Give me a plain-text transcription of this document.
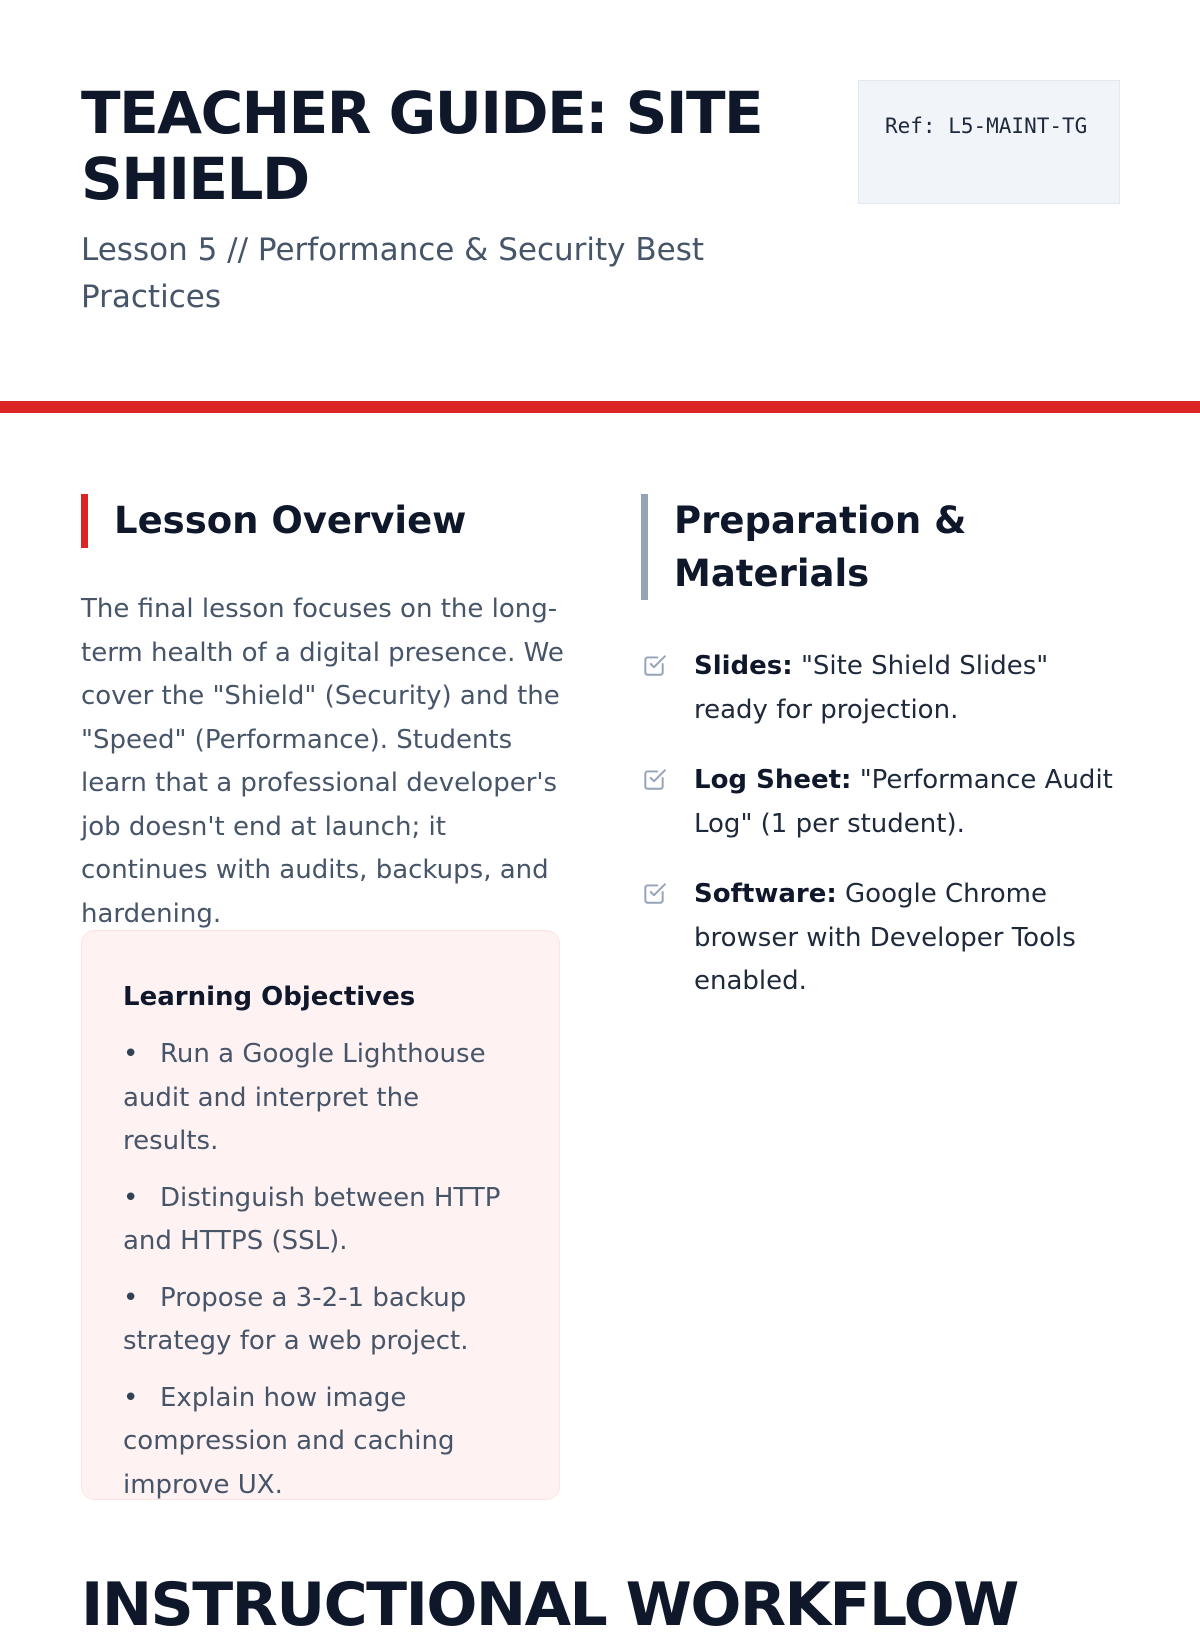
TEACHER GUIDE: SITE SHIELD
Lesson 5 // Performance & Security Best Practices
Ref: L5-MAINT-TG
Lesson Overview

The final lesson focuses on the long-term health of a digital presence. We cover the "Shield" (Security) and the "Speed" (Performance). Students learn that a professional developer's job doesn't end at launch; it continues with audits, backups, and hardening.

Learning Objectives
• Run a Google Lighthouse audit and interpret the results.
• Distinguish between HTTP and HTTPS (SSL).
• Propose a 3-2-1 backup strategy for a web project.
• Explain how image compression and caching improve UX.
Preparation & Materials
Slides: "Site Shield Slides" ready for projection.
Log Sheet: "Performance Audit Log" (1 per student).
Software: Google Chrome browser with Developer Tools enabled.
INSTRUCTIONAL WORKFLOW
